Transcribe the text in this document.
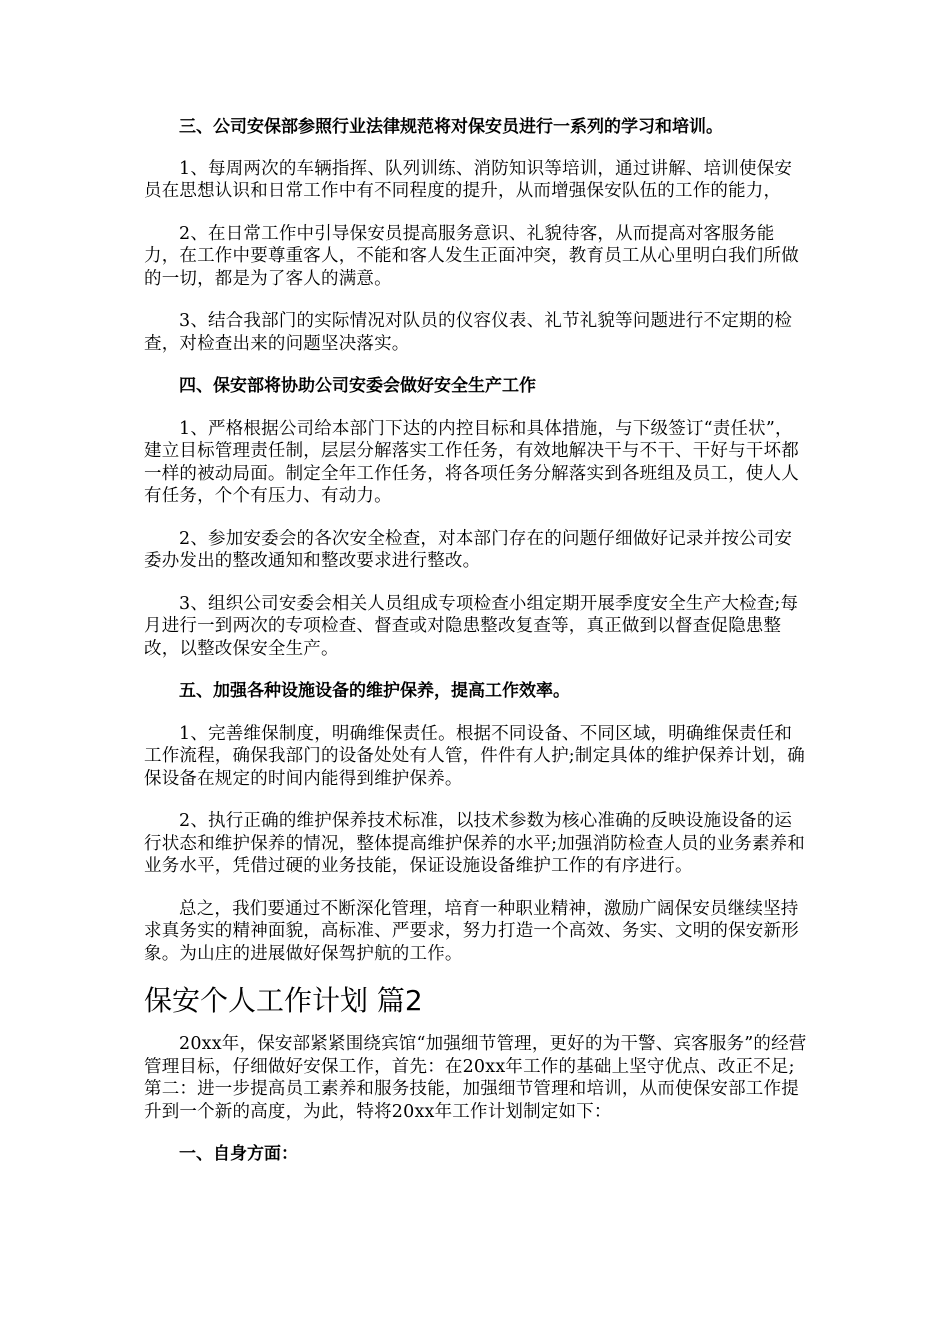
三、公司安保部参照行业法律规范将对保安员进行一系列的学习和培训。

1、每周两次的车辆指挥、队列训练、消防知识等培训，通过讲解、培训使保安员在思想认识和日常工作中有不同程度的提升，从而增强保安队伍的工作的能力，

2、在日常工作中引导保安员提高服务意识、礼貌待客，从而提高对客服务能力，在工作中要尊重客人，不能和客人发生正面冲突，教育员工从心里明白我们所做的一切，都是为了客人的满意。

3、结合我部门的实际情况对队员的仪容仪表、礼节礼貌等问题进行不定期的检查，对检查出来的问题坚决落实。

四、保安部将协助公司安委会做好安全生产工作

1、严格根据公司给本部门下达的内控目标和具体措施，与下级签订“责任状”，建立目标管理责任制，层层分解落实工作任务，有效地解决干与不干、干好与干坏都一样的被动局面。制定全年工作任务，将各项任务分解落实到各班组及员工，使人人有任务，个个有压力、有动力。

2、参加安委会的各次安全检查，对本部门存在的问题仔细做好记录并按公司安委办发出的整改通知和整改要求进行整改。

3、组织公司安委会相关人员组成专项检查小组定期开展季度安全生产大检查;每月进行一到两次的专项检查、督查或对隐患整改复查等，真正做到以督查促隐患整改，以整改保安全生产。

五、加强各种设施设备的维护保养，提高工作效率。

1、完善维保制度，明确维保责任。根据不同设备、不同区域，明确维保责任和工作流程，确保我部门的设备处处有人管，件件有人护;制定具体的维护保养计划，确保设备在规定的时间内能得到维护保养。

2、执行正确的维护保养技术标准，以技术参数为核心准确的反映设施设备的运行状态和维护保养的情况，整体提高维护保养的水平;加强消防检查人员的业务素养和业务水平，凭借过硬的业务技能，保证设施设备维护工作的有序进行。

总之，我们要通过不断深化管理，培育一种职业精神，激励广阔保安员继续坚持求真务实的精神面貌，高标准、严要求，努力打造一个高效、务实、文明的保安新形象。为山庄的进展做好保驾护航的工作。

保安个人工作计划 篇2

20xx年，保安部紧紧围绕宾馆“加强细节管理，更好的为干警、宾客服务”的经营管理目标，仔细做好安保工作，首先：在20xx年工作的基础上坚守优点、改正不足;第二：进一步提高员工素养和服务技能，加强细节管理和培训，从而使保安部工作提升到一个新的高度，为此，特将20xx年工作计划制定如下：

一、自身方面：
